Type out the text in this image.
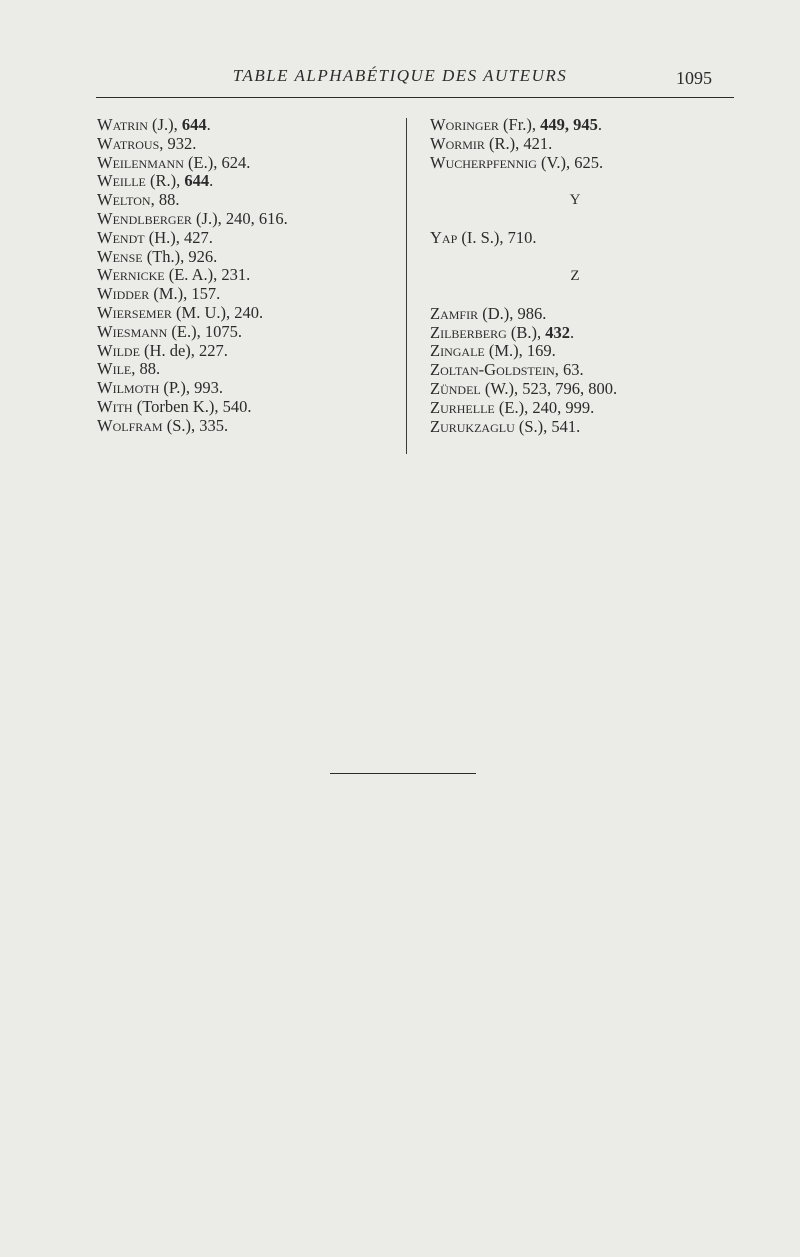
TABLE ALPHABÉTIQUE DES AUTEURS	1095
Watrin (J.), 644.
Watrous, 932.
Weilenmann (E.), 624.
Weille (R.), 644.
Welton, 88.
Wendlberger (J.), 240, 616.
Wendt (H.), 427.
Wense (Th.), 926.
Wernicke (E. A.), 231.
Widder (M.), 157.
Wiersemer (M. U.), 240.
Wiesmann (E.), 1075.
Wilde (H. de), 227.
Wile, 88.
Wilmoth (P.), 993.
With (Torben K.), 540.
Wolfram (S.), 335.
Woringer (Fr.), 449, 945.
Wormir (R.), 421.
Wucherpfennig (V.), 625.
Y
Yap (I. S.), 710.
Z
Zamfir (D.), 986.
Zilberberg (B.), 432.
Zingale (M.), 169.
Zoltan-Goldstein, 63.
Zündel (W.), 523, 796, 800.
Zurhelle (E.), 240, 999.
Zurukzaglu (S.), 541.
